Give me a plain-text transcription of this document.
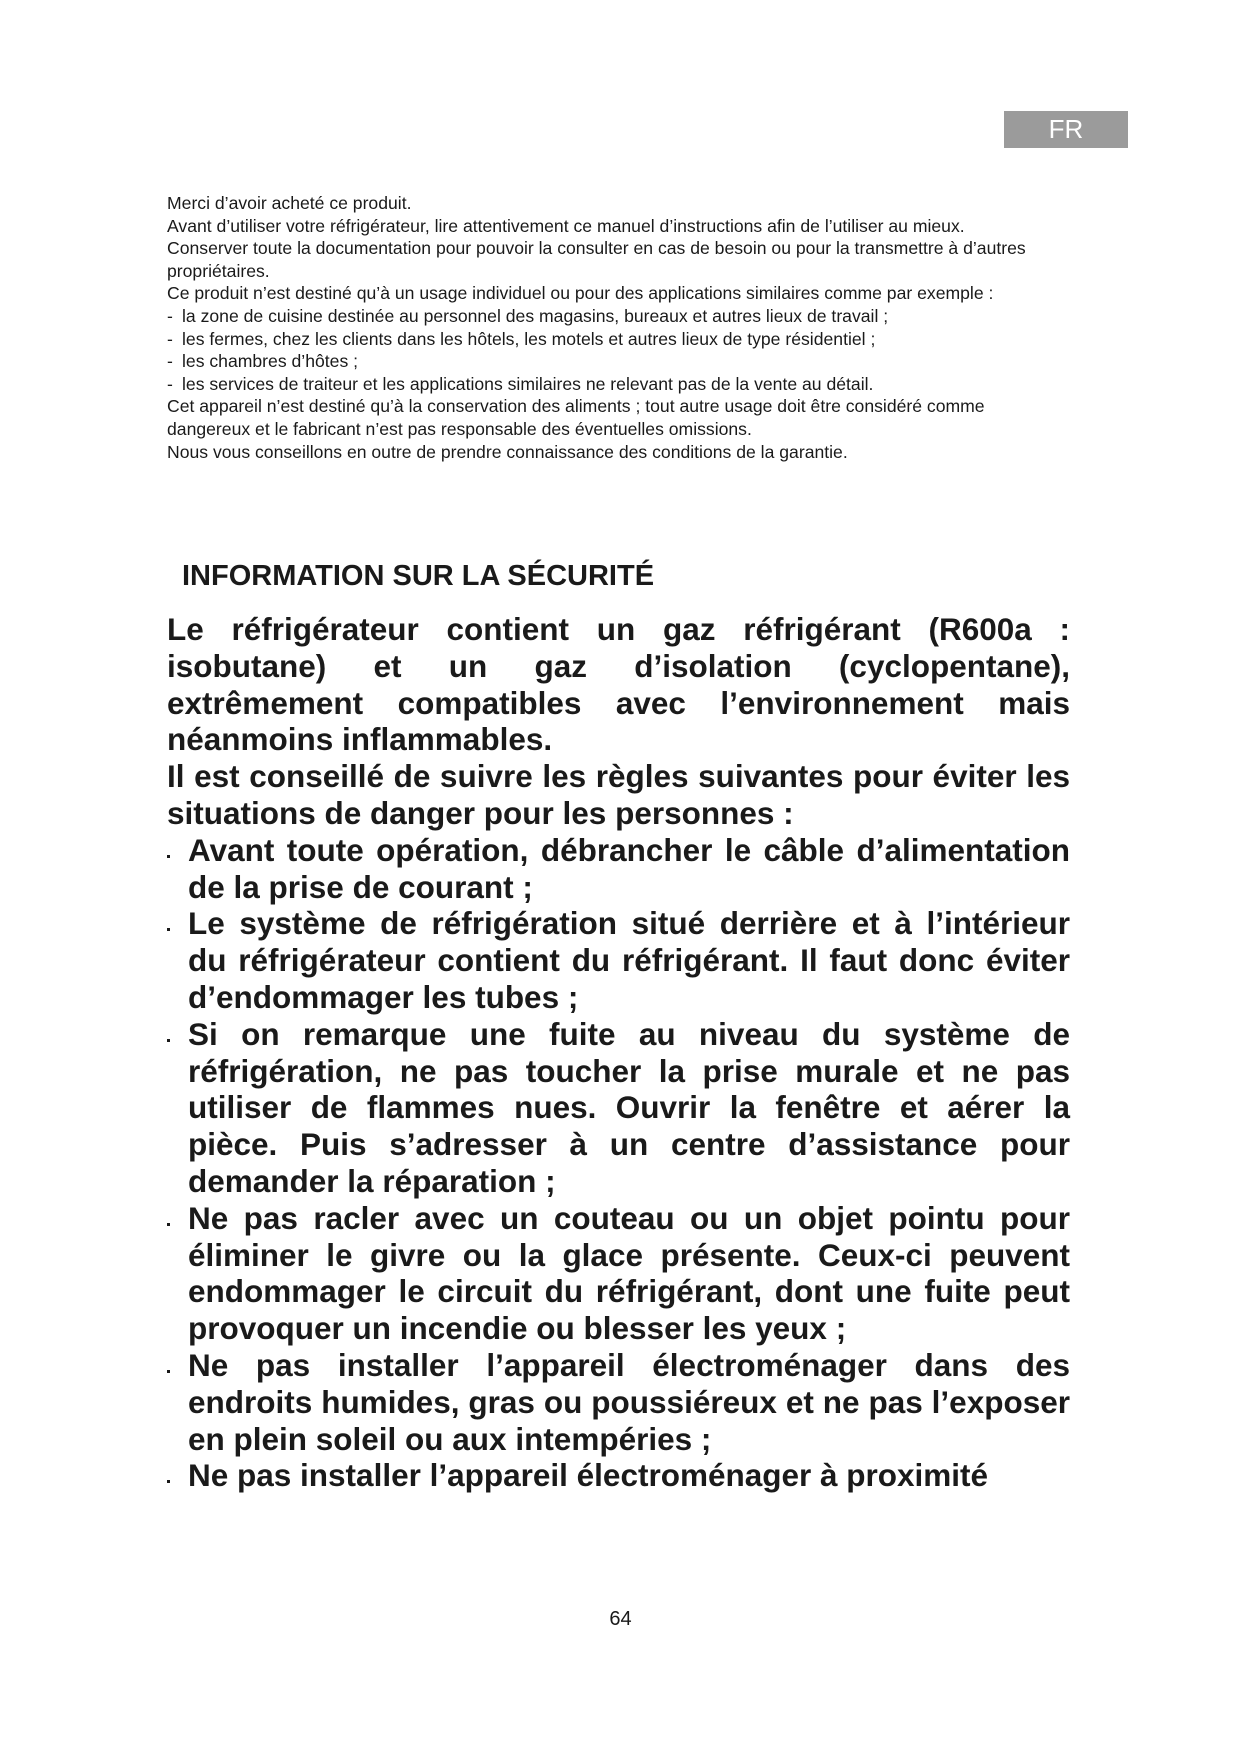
FR

Merci d’avoir acheté ce produit.

Avant d’utiliser votre réfrigérateur, lire attentivement ce manuel d’instructions afin de l’utiliser au mieux.

Conserver toute la documentation pour pouvoir la consulter en cas de besoin ou pour la transmettre à d’autres propriétaires.

Ce produit n’est destiné qu’à un usage individuel ou pour des applications similaires comme par exemple :

- la zone de cuisine destinée au personnel des magasins, bureaux et autres lieux de travail ;

- les fermes, chez les clients dans les hôtels, les motels et autres lieux de type résidentiel ;

- les chambres d’hôtes ;

- les services de traiteur et les applications similaires ne relevant pas de la vente au détail.

Cet appareil n’est destiné qu’à la conservation des aliments ; tout autre usage doit être considéré comme dangereux et le fabricant n’est pas responsable des éventuelles omissions.

Nous vous conseillons en outre de prendre connaissance des conditions de la garantie.

INFORMATION SUR LA SÉCURITÉ

Le réfrigérateur contient un gaz réfrigérant (R600a : isobutane) et un gaz d’isolation (cyclopentane), extrêmement compatibles avec l’environnement mais néanmoins inflammables.

Il est conseillé de suivre les règles suivantes pour éviter les situations de danger pour les personnes :

Avant toute opération, débrancher le câble d’alimentation de la prise de courant ;
Le système de réfrigération situé derrière et à l’intérieur du réfrigérateur contient du réfrigérant. Il faut donc éviter d’endommager les tubes ;
Si on remarque une fuite au niveau du système de réfrigération, ne pas toucher la prise murale et ne pas utiliser de flammes nues. Ouvrir la fenêtre et aérer la pièce. Puis s’adresser à un centre d’assistance pour demander la réparation ;
Ne pas racler avec un couteau ou un objet pointu pour éliminer le givre ou la glace présente. Ceux-ci peuvent endommager le circuit du réfrigérant, dont une fuite peut provoquer un incendie ou blesser les yeux ;
Ne pas installer l’appareil électroménager dans des endroits humides, gras ou poussiéreux et ne pas l’exposer en plein soleil ou aux intempéries ;
Ne pas installer l’appareil électroménager à proximité
64
